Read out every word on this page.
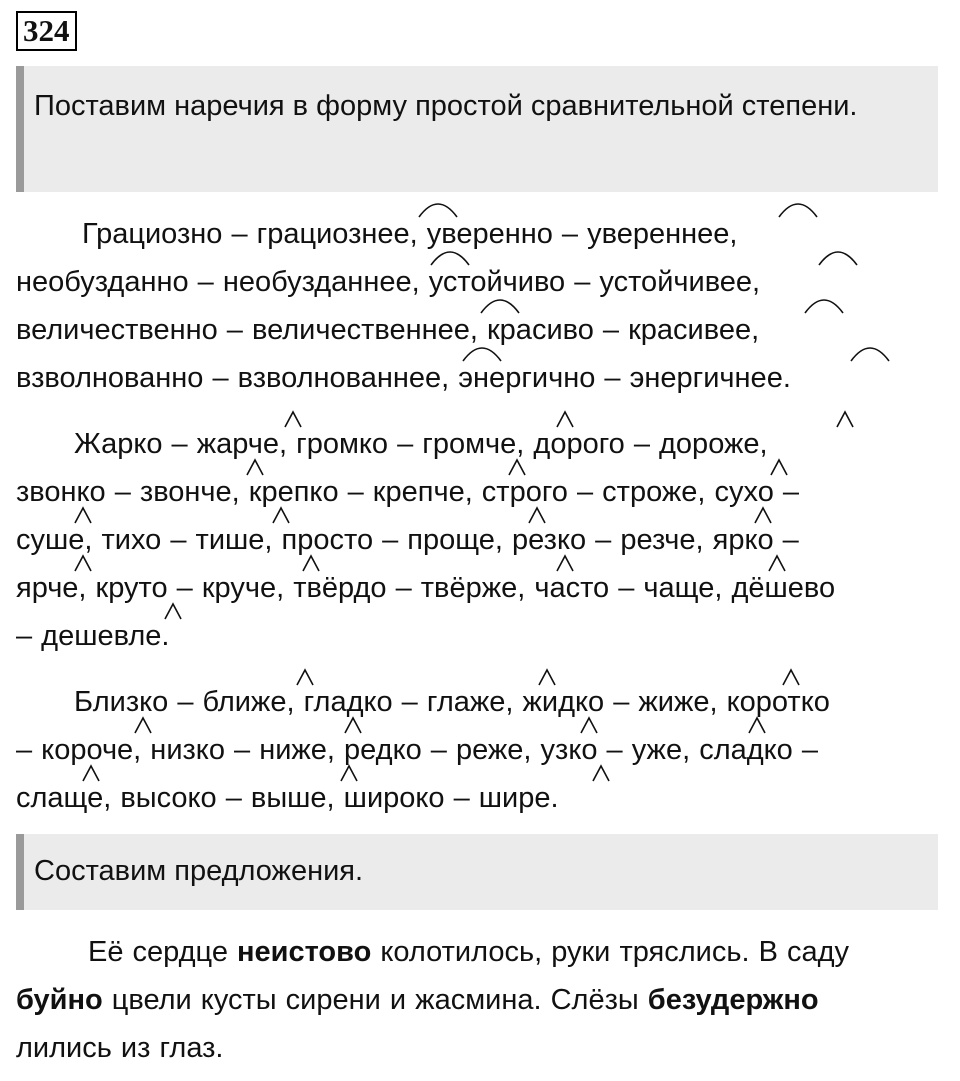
324
Поставим наречия в форму простой сравнительной степени.
Грациозно – грациознее, уверенно – увереннее,
необузданно – необузданнее, устойчиво – устойчивее,
величественно – величественнее, красиво – красивее,
взволнованно – взволнованнее, энергично – энергичнее.
Жарко – жарче, громко – громче, дорого – дороже,
звонко – звонче, крепко – крепче, строго – строже, сухо –
суше, тихо – тише, просто – проще, резко – резче, ярко –
ярче, круто – круче, твёрдо – твёрже, часто – чаще, дёшево
– дешевле.
Близко – ближе, гладко – глаже, жидко – жиже, коротко
– короче, низко – ниже, редко – реже, узко – уже, сладко –
слаще, высоко – выше, широко – шире.
Составим предложения.
Её сердце неистово колотилось, руки тряслись. В саду
буйно цвели кусты сирени и жасмина. Слёзы безудержно
лились из глаз.
